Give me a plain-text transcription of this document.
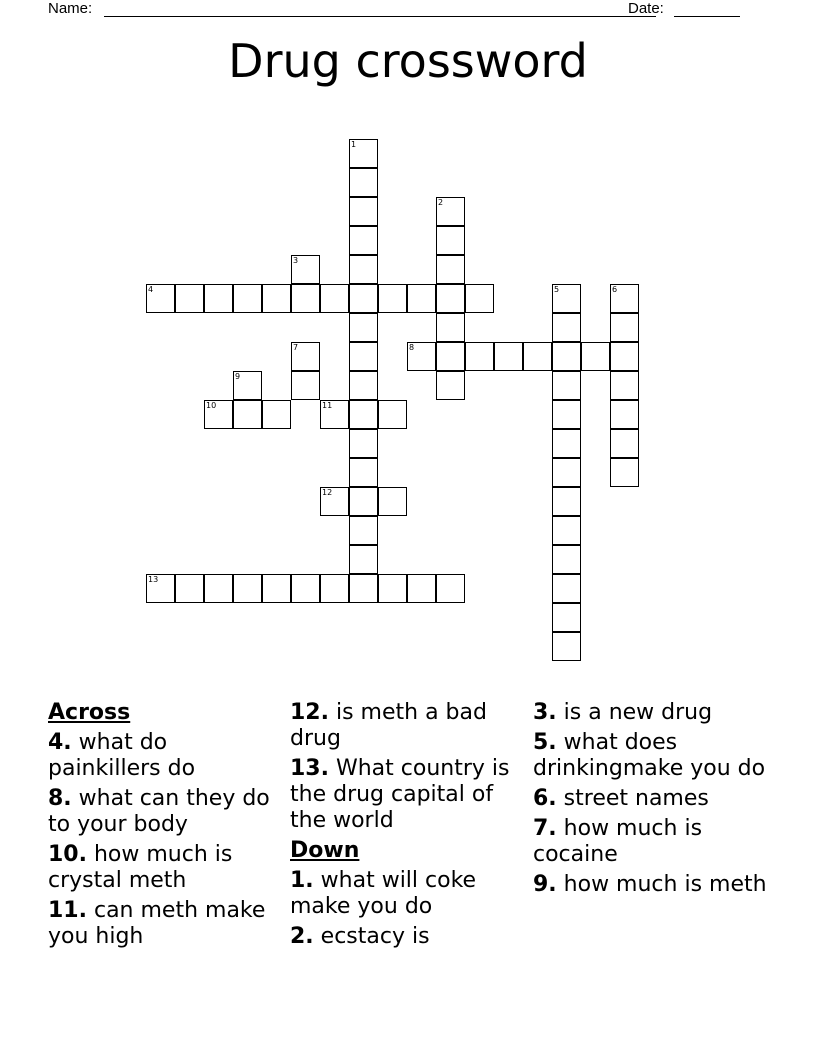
Name:	Date:
Drug crossword
1
2
3
4	5	6
7	8
9
10	11
12
13
Across
4. what do painkillers do
8. what can they do to your body
10. how much is crystal meth
11. can meth make you high
12. is meth a bad drug
13. What country is the drug capital of the world
Down
1. what will coke make you do
2. ecstacy is
3. is a new drug
5. what does drinkingmake you do
6. street names
7. how much is cocaine
9. how much is meth
